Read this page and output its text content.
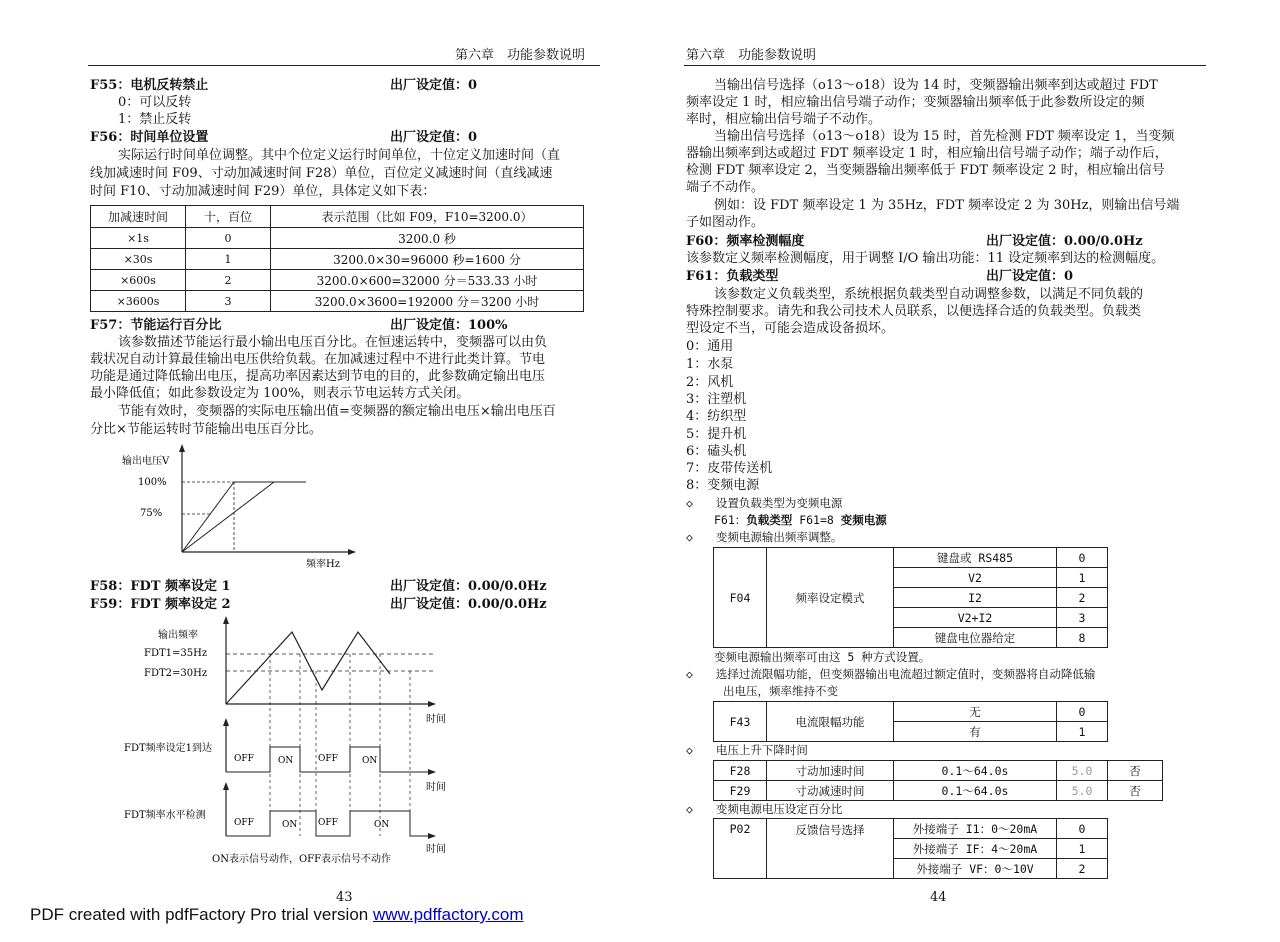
第六章　功能参数说明
F55：电机反转禁止	出厂设定值：0
0：可以反转
1：禁止反转
F56：时间单位设置	出厂设定值：0
实际运行时间单位调整。其中个位定义运行时间单位，十位定义加速时间（直
线加减速时间 F09、寸动加减速时间 F28）单位，百位定义减速时间（直线减速
时间 F10、寸动加减速时间 F29）单位，具体定义如下表：
加减速时间	十，百位	表示范围（比如 F09，F10=3200.0）
×1s	0	3200.0 秒
×30s	1	3200.0×30=96000 秒=1600 分
×600s	2	3200.0×600=32000 分＝533.33 小时
×3600s	3	3200.0×3600=192000 分＝3200 小时
F57：节能运行百分比	出厂设定值：100%
该参数描述节能运行最小输出电压百分比。在恒速运转中，变频器可以由负
载状况自动计算最佳输出电压供给负载。在加减速过程中不进行此类计算。节电
功能是通过降低输出电压，提高功率因素达到节电的目的，此参数确定输出电压
最小降低值；如此参数设定为 100%，则表示节电运转方式关闭。
节能有效时，变频器的实际电压输出值=变频器的额定输出电压×输出电压百
分比×节能运转时节能输出电压百分比。
输出电压V
100%
75%
频率Hz
F58：FDT 频率设定 1	出厂设定值：0.00/0.0Hz
F59：FDT 频率设定 2	出厂设定值：0.00/0.0Hz
输出频率
FDT1=35Hz
FDT2=30Hz
时间
FDT频率设定1到达
OFF	ON	OFF	ON
时间
FDT频率水平检测
OFF	ON OFF	ON
时间
ON表示信号动作，OFF表示信号不动作
43
第六章　功能参数说明
当输出信号选择（o13～o18）设为 14 时，变频器输出频率到达或超过 FDT
频率设定 1 时，相应输出信号端子动作；变频器输出频率低于此参数所设定的频
率时，相应输出信号端子不动作。
当输出信号选择（o13～o18）设为 15 时，首先检测 FDT 频率设定 1，当变频
器输出频率到达或超过 FDT 频率设定 1 时，相应输出信号端子动作；端子动作后，
检测 FDT 频率设定 2，当变频器输出频率低于 FDT 频率设定 2 时，相应输出信号
端子不动作。
例如：设 FDT 频率设定 1 为 35Hz，FDT 频率设定 2 为 30Hz，则输出信号端
子如图动作。
F60：频率检测幅度	出厂设定值：0.00/0.0Hz
该参数定义频率检测幅度，用于调整 I/O 输出功能：11 设定频率到达的检测幅度。
F61：负载类型	出厂设定值：0
该参数定义负载类型，系统根据负载类型自动调整参数，以满足不同负载的
特殊控制要求。请先和我公司技术人员联系，以便选择合适的负载类型。负载类
型设定不当，可能会造成设备损坏。
0：通用
1：水泵
2：风机
3：注塑机
4：纺织型
5：提升机
6：磕头机
7：皮带传送机
8：变频电源
◇　　设置负载类型为变频电源
F61：负载类型 F61=8 变频电源
◇　　变频电源输出频率调整。
F04	频率设定模式	键盘或 RS485	0
		V2	1
		I2	2
		V2+I2	3
		键盘电位器给定	8
变频电源输出频率可由这 5 种方式设置。
◇　　选择过流限幅功能，但变频器输出电流超过额定值时，变频器将自动降低输
出电压，频率维持不变
F43	电流限幅功能	无	0
		有	1
◇　　电压上升下降时间
F28	寸动加速时间	0.1～64.0s	5.0	否
F29	寸动减速时间	0.1～64.0s	5.0	否
◇　　变频电源电压设定百分比
P02	反馈信号选择	外接端子 I1：0～20mA	0
		外接端子 IF：4～20mA	1
		外接端子 VF：0～10V	2
44
PDF created with pdfFactory Pro trial version www.pdffactory.com
